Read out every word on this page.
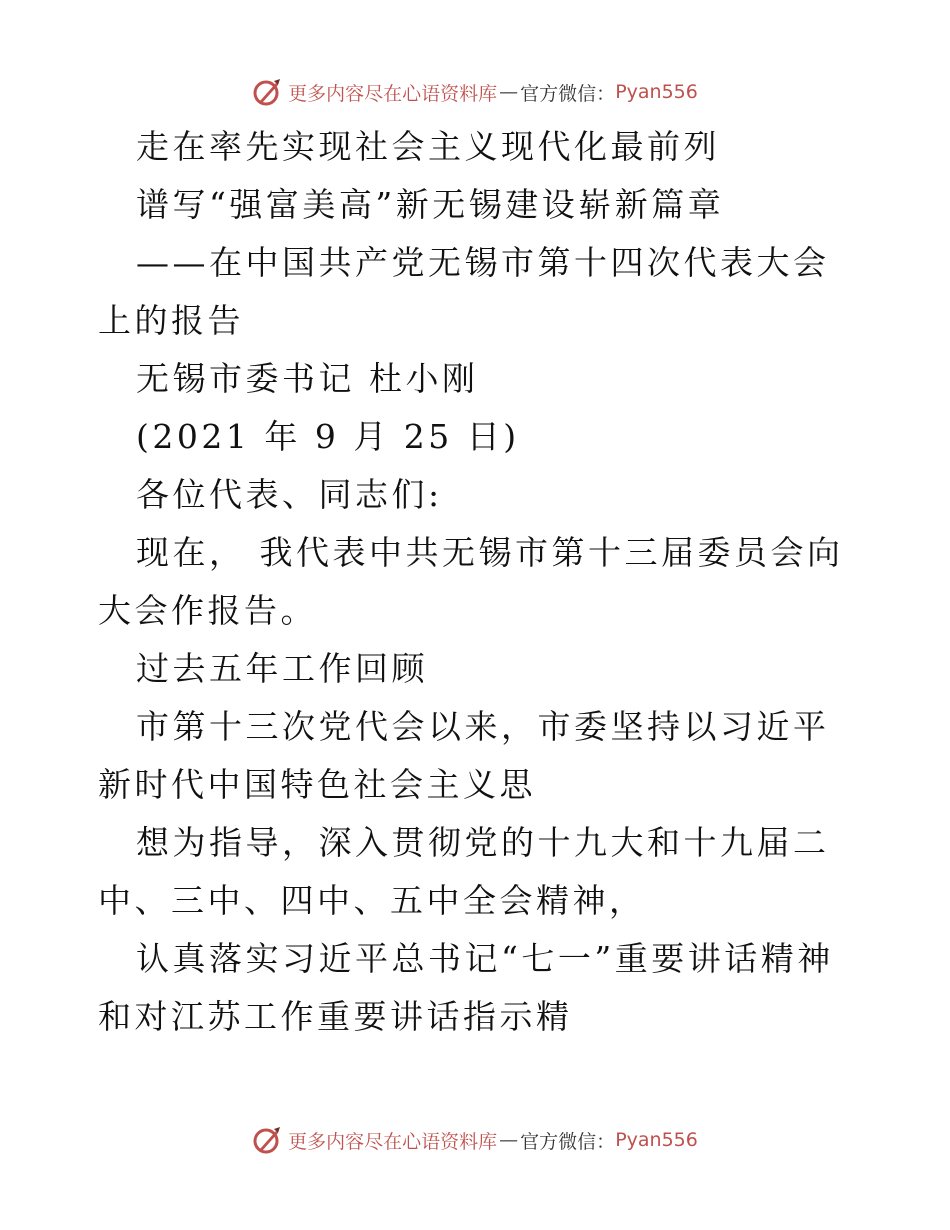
更多内容尽在心语资料库 — 官方微信： Pyan556

走在率先实现社会主义现代化最前列

谱写“强富美高”新无锡建设崭新篇章

——在中国共产党无锡市第十四次代表大会上的报告

无锡市委书记 杜小刚

(2021 年 9 月 25 日)

各位代表、同志们:

现在， 我代表中共无锡市第十三届委员会向大会作报告。

过去五年工作回顾

市第十三次党代会以来，市委坚持以习近平新时代中国特色社会主义思

想为指导，深入贯彻党的十九大和十九届二中、三中、四中、五中全会精神，

认真落实习近平总书记“七一”重要讲话精神和对江苏工作重要讲话指示精

更多内容尽在心语资料库 — 官方微信： Pyan556
